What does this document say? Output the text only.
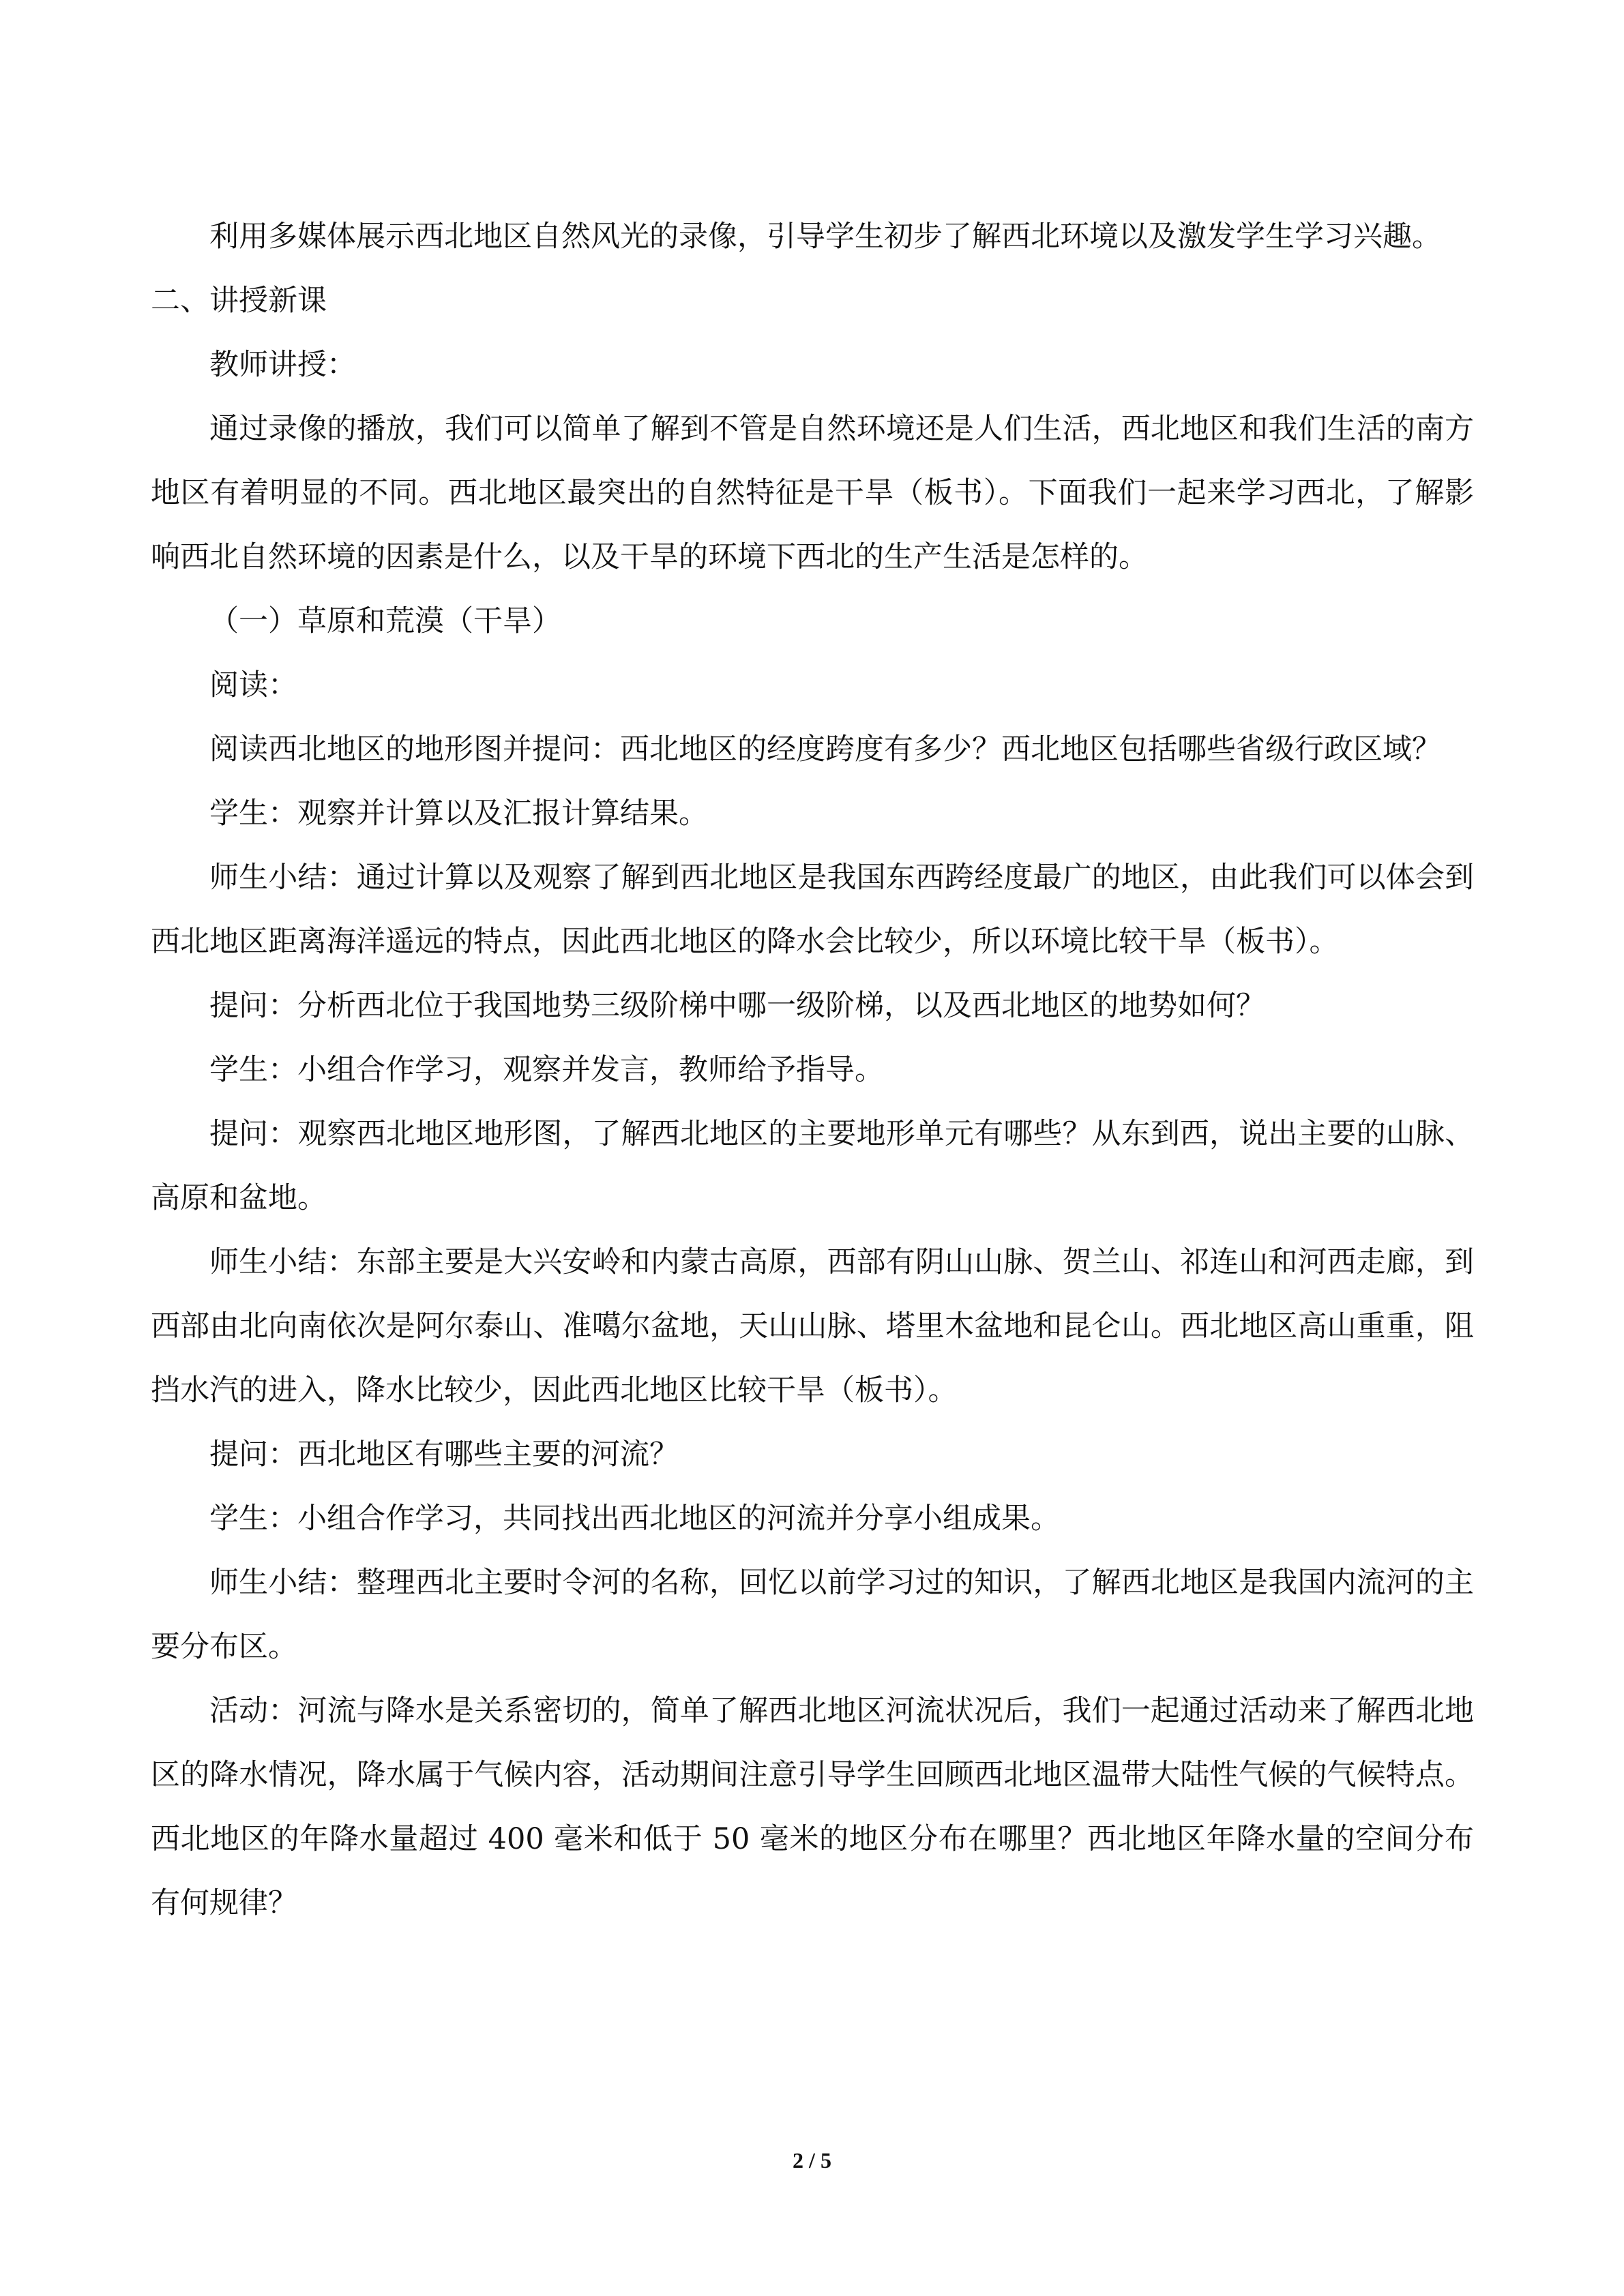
利用多媒体展示西北地区自然风光的录像，引导学生初步了解西北环境以及激发学生学习兴趣。

二、讲授新课

教师讲授：

通过录像的播放，我们可以简单了解到不管是自然环境还是人们生活，西北地区和我们生活的南方地区有着明显的不同。西北地区最突出的自然特征是干旱（板书）。下面我们一起来学习西北，了解影响西北自然环境的因素是什么，以及干旱的环境下西北的生产生活是怎样的。

（一）草原和荒漠（干旱）

阅读：

阅读西北地区的地形图并提问：西北地区的经度跨度有多少？西北地区包括哪些省级行政区域？

学生：观察并计算以及汇报计算结果。

师生小结：通过计算以及观察了解到西北地区是我国东西跨经度最广的地区，由此我们可以体会到西北地区距离海洋遥远的特点，因此西北地区的降水会比较少，所以环境比较干旱（板书）。

提问：分析西北位于我国地势三级阶梯中哪一级阶梯，以及西北地区的地势如何？

学生：小组合作学习，观察并发言，教师给予指导。

提问：观察西北地区地形图，了解西北地区的主要地形单元有哪些？从东到西，说出主要的山脉、高原和盆地。

师生小结：东部主要是大兴安岭和内蒙古高原，西部有阴山山脉、贺兰山、祁连山和河西走廊，到西部由北向南依次是阿尔泰山、准噶尔盆地，天山山脉、塔里木盆地和昆仑山。西北地区高山重重，阻挡水汽的进入，降水比较少，因此西北地区比较干旱（板书）。

提问：西北地区有哪些主要的河流？

学生：小组合作学习，共同找出西北地区的河流并分享小组成果。

师生小结：整理西北主要时令河的名称，回忆以前学习过的知识，了解西北地区是我国内流河的主要分布区。

活动：河流与降水是关系密切的，简单了解西北地区河流状况后，我们一起通过活动来了解西北地区的降水情况，降水属于气候内容，活动期间注意引导学生回顾西北地区温带大陆性气候的气候特点。西北地区的年降水量超过 400 毫米和低于 50 毫米的地区分布在哪里？西北地区年降水量的空间分布有何规律？

2 / 5
